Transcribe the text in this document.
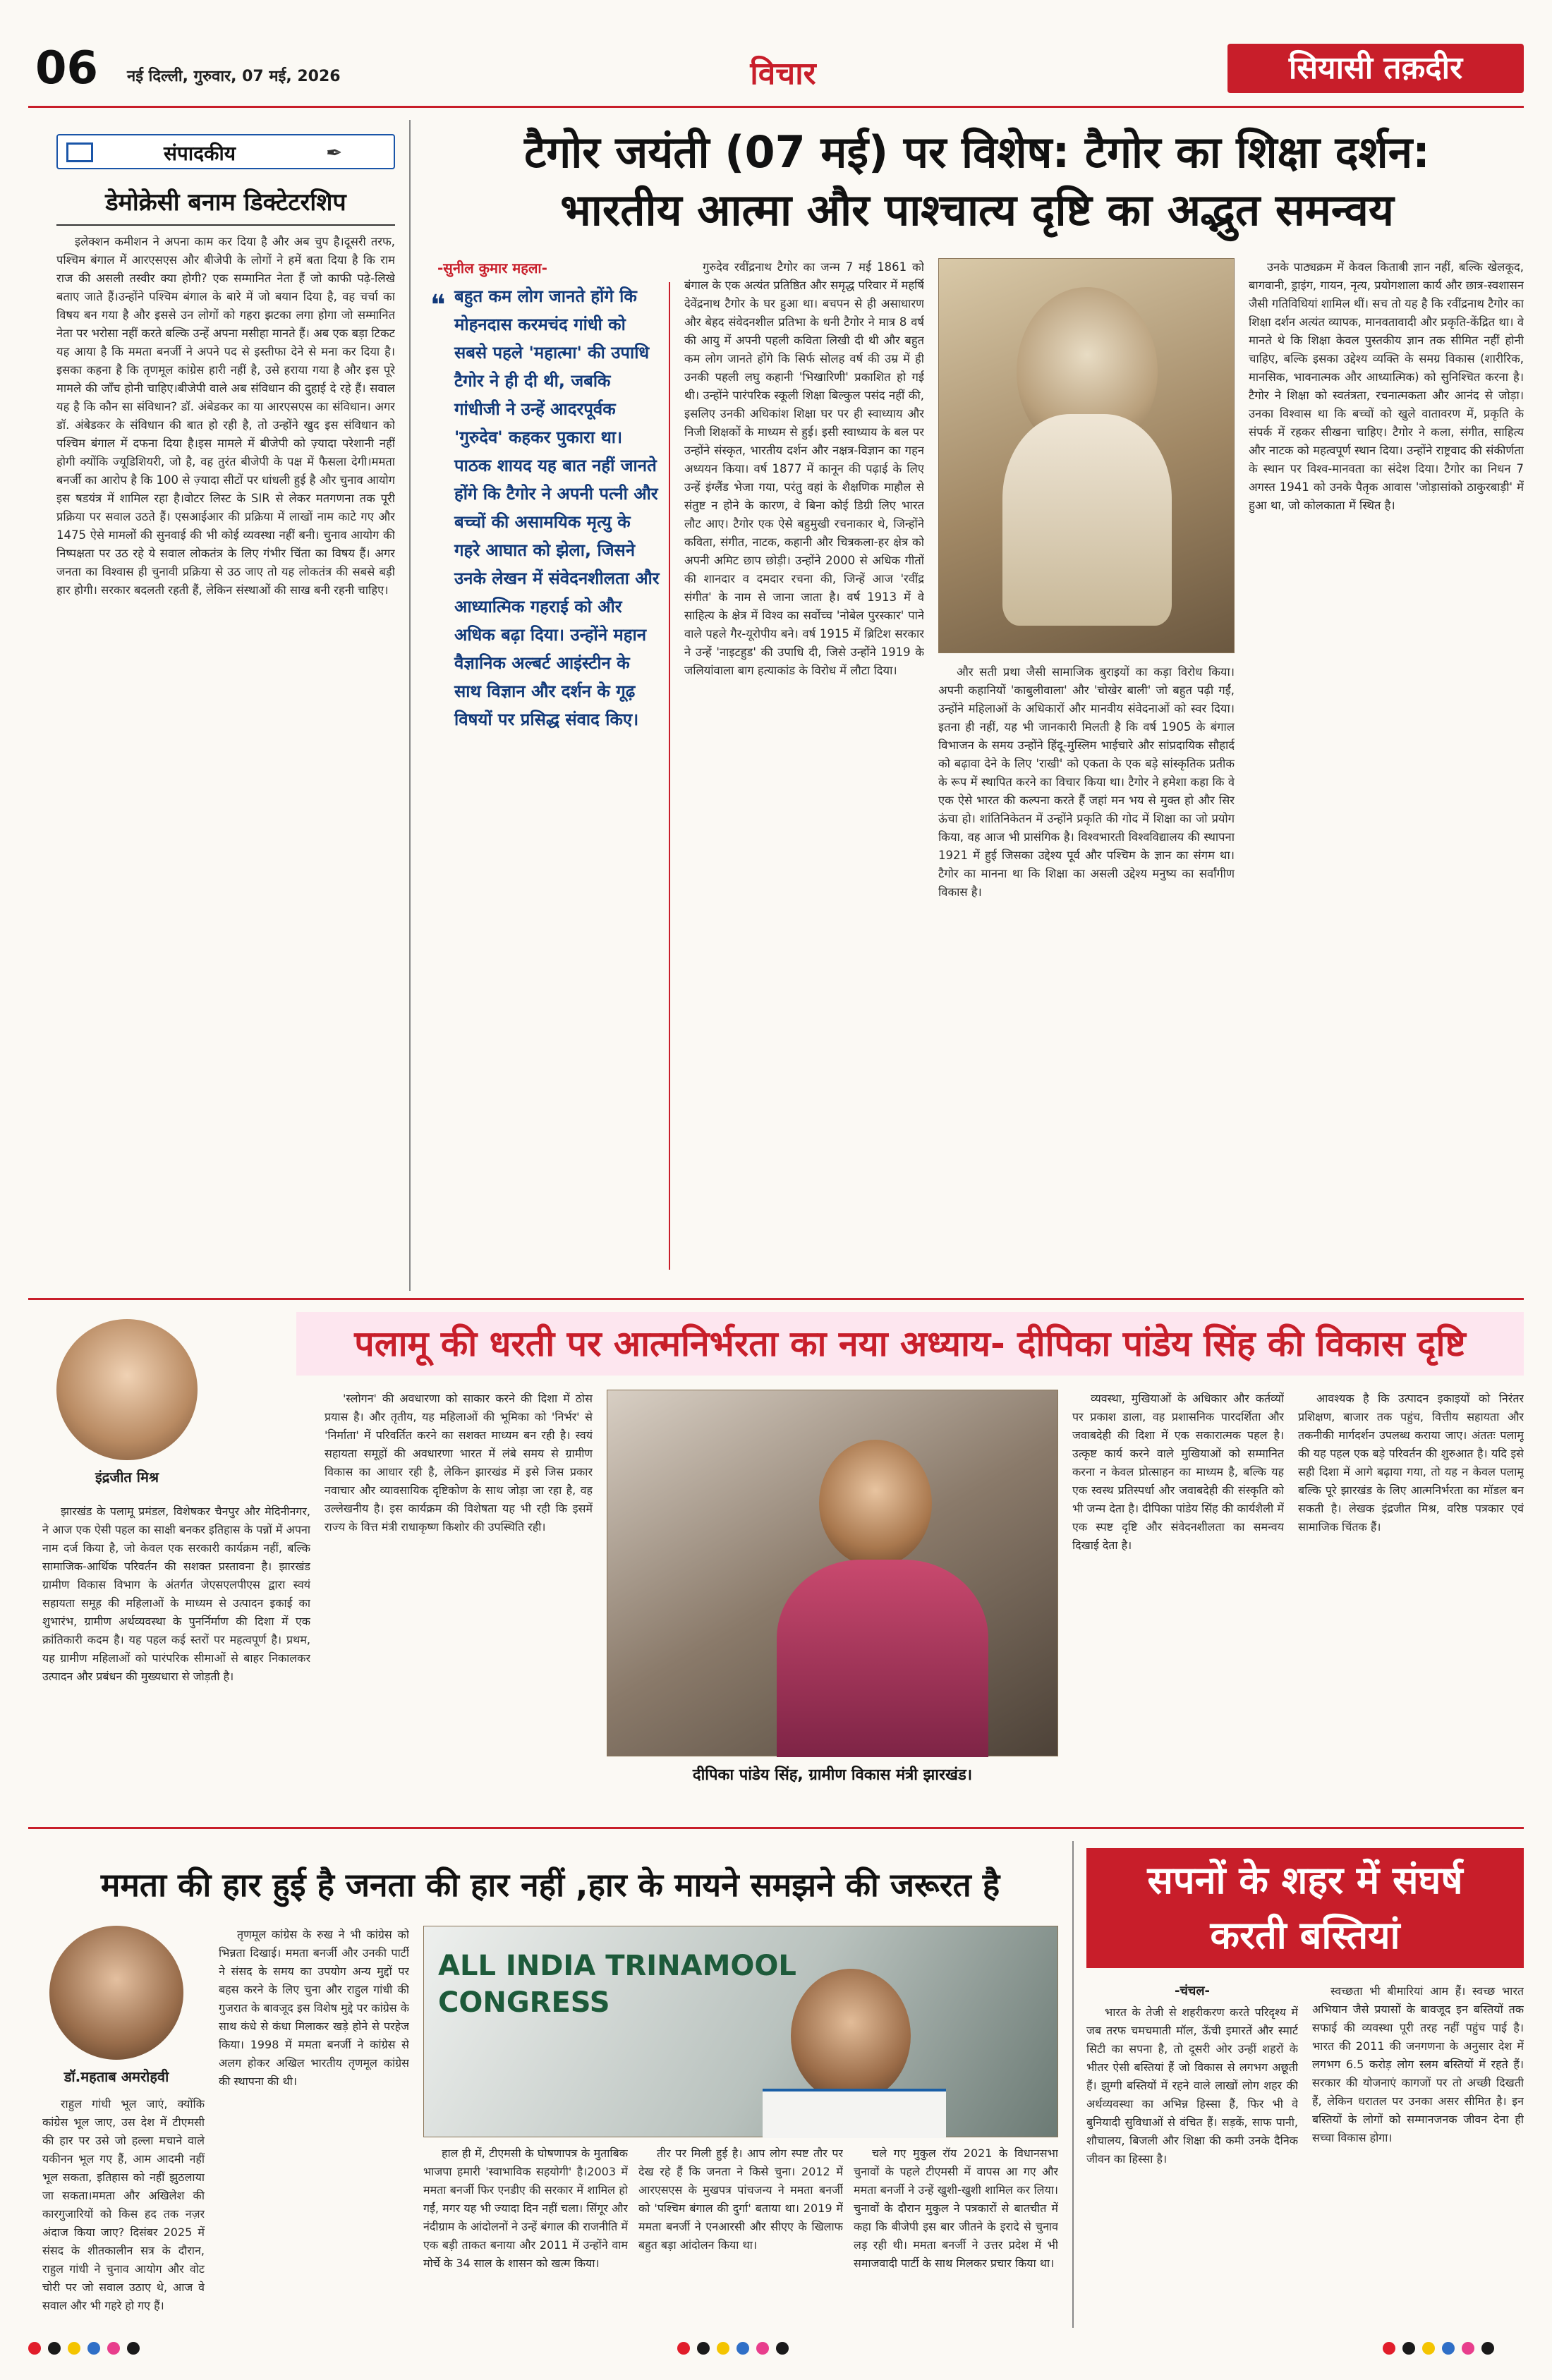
06 नई दिल्ली, गुरुवार, 07 मई, 2026	विचार	सियासी तक़दीर
संपादकीय	✒
डेमोक्रेसी बनाम डिक्टेटरशिप

इलेक्शन कमीशन ने अपना काम कर दिया है और अब चुप है।दूसरी तरफ, पश्चिम बंगाल में आरएसएस और बीजेपी के लोगों ने हमें बता दिया है कि राम राज की असली तस्वीर क्या होगी? एक सम्मानित नेता हैं जो काफी पढ़े-लिखे बताए जाते हैं।उन्होंने पश्चिम बंगाल के बारे में जो बयान दिया है, वह चर्चा का विषय बन गया है और इससे उन लोगों को गहरा झटका लगा होगा जो सम्मानित नेता पर भरोसा नहीं करते बल्कि उन्हें अपना मसीहा मानते हैं। अब एक बड़ा टिकट यह आया है कि ममता बनर्जी ने अपने पद से इस्तीफा देने से मना कर दिया है।इसका कहना है कि तृणमूल कांग्रेस हारी नहीं है, उसे हराया गया है और इस पूरे मामले की जाँच होनी चाहिए।बीजेपी वाले अब संविधान की दुहाई दे रहे हैं। सवाल यह है कि कौन सा संविधान? डॉ. अंबेडकर का या आरएसएस का संविधान। अगर डॉ. अंबेडकर के संविधान की बात हो रही है, तो उन्होंने खुद इस संविधान को पश्चिम बंगाल में दफना दिया है।इस मामले में बीजेपी को ज़्यादा परेशानी नहीं होगी क्योंकि ज्यूडिशियरी, जो है, वह तुरंत बीजेपी के पक्ष में फैसला देगी।ममता बनर्जी का आरोप है कि 100 से ज़्यादा सीटों पर धांधली हुई है और चुनाव आयोग इस षडयंत्र में शामिल रहा है।वोटर लिस्ट के SIR से लेकर मतगणना तक पूरी प्रक्रिया पर सवाल उठते हैं। एसआईआर की प्रक्रिया में लाखों नाम काटे गए और 1475 ऐसे मामलों की सुनवाई की भी कोई व्यवस्था नहीं बनी। चुनाव आयोग की निष्पक्षता पर उठ रहे ये सवाल लोकतंत्र के लिए गंभीर चिंता का विषय हैं। अगर जनता का विश्वास ही चुनावी प्रक्रिया से उठ जाए तो यह लोकतंत्र की सबसे बड़ी हार होगी। सरकार बदलती रहती हैं, लेकिन संस्थाओं की साख बनी रहनी चाहिए।

टैगोर जयंती (07 मई) पर विशेष: टैगोर का शिक्षा दर्शन:
भारतीय आत्मा और पाश्चात्य दृष्टि का अद्भुत समन्वय
-सुनील कुमार महला-
❝ बहुत कम लोग जानते होंगे कि मोहनदास करमचंद गांधी को सबसे पहले 'महात्मा' की उपाधि टैगोर ने ही दी थी, जबकि गांधीजी ने उन्हें आदरपूर्वक 'गुरुदेव' कहकर पुकारा था। पाठक शायद यह बात नहीं जानते होंगे कि टैगोर ने अपनी पत्नी और बच्चों की असामयिक मृत्यु के गहरे आघात को झेला, जिसने उनके लेखन में संवेदनशीलता और आध्यात्मिक गहराई को और अधिक बढ़ा दिया। उन्होंने महान वैज्ञानिक अल्बर्ट आइंस्टीन के साथ विज्ञान और दर्शन के गूढ़ विषयों पर प्रसिद्ध संवाद किए।

गुरुदेव रवींद्रनाथ टैगोर का जन्म 7 मई 1861 को बंगाल के एक अत्यंत प्रतिष्ठित और समृद्ध परिवार में महर्षि देवेंद्रनाथ टैगोर के घर हुआ था। बचपन से ही असाधारण और बेहद संवेदनशील प्रतिभा के धनी टैगोर ने मात्र 8 वर्ष की आयु में अपनी पहली कविता लिखी दी थी और बहुत कम लोग जानते होंगे कि सिर्फ सोलह वर्ष की उम्र में ही उनकी पहली लघु कहानी 'भिखारिणी' प्रकाशित हो गई थी। उन्होंने पारंपरिक स्कूली शिक्षा बिल्कुल पसंद नहीं की, इसलिए उनकी अधिकांश शिक्षा घर पर ही स्वाध्याय और निजी शिक्षकों के माध्यम से हुई। इसी स्वाध्याय के बल पर उन्होंने संस्कृत, भारतीय दर्शन और नक्षत्र-विज्ञान का गहन अध्ययन किया। वर्ष 1877 में कानून की पढ़ाई के लिए उन्हें इंग्लैंड भेजा गया, परंतु वहां के शैक्षणिक माहौल से संतुष्ट न होने के कारण, वे बिना कोई डिग्री लिए भारत लौट आए। टैगोर एक ऐसे बहुमुखी रचनाकार थे, जिन्होंने कविता, संगीत, नाटक, कहानी और चित्रकला-हर क्षेत्र को अपनी अमिट छाप छोड़ी। उन्होंने 2000 से अधिक गीतों की शानदार व दमदार रचना की, जिन्हें आज 'रवींद्र संगीत' के नाम से जाना जाता है। वर्ष 1913 में वे साहित्य के क्षेत्र में विश्व का सर्वोच्च 'नोबेल पुरस्कार' पाने वाले पहले गैर-यूरोपीय बने। वर्ष 1915 में ब्रिटिश सरकार ने उन्हें 'नाइटहुड' की उपाधि दी, जिसे उन्होंने 1919 के जलियांवाला बाग हत्याकांड के विरोध में लौटा दिया।	और सती प्रथा जैसी सामाजिक बुराइयों का कड़ा विरोध किया। अपनी कहानियों 'काबुलीवाला' और 'चोखेर बाली' जो बहुत पढ़ी गईं, उन्होंने महिलाओं के अधिकारों और मानवीय संवेदनाओं को स्वर दिया। इतना ही नहीं, यह भी जानकारी मिलती है कि वर्ष 1905 के बंगाल विभाजन के समय उन्होंने हिंदू-मुस्लिम भाईचारे और सांप्रदायिक सौहार्द को बढ़ावा देने के लिए 'राखी' को एकता के एक बड़े सांस्कृतिक प्रतीक के रूप में स्थापित करने का विचार किया था। टैगोर ने हमेशा कहा कि वे एक ऐसे भारत की कल्पना करते हैं जहां मन भय से मुक्त हो और सिर ऊंचा हो। शांतिनिकेतन में उन्होंने प्रकृति की गोद में शिक्षा का जो प्रयोग किया, वह आज भी प्रासंगिक है। विश्वभारती विश्वविद्यालय की स्थापना 1921 में हुई जिसका उद्देश्य पूर्व और पश्चिम के ज्ञान का संगम था। टैगोर का मानना था कि शिक्षा का असली उद्देश्य मनुष्य का सर्वांगीण विकास है।

उनके पाठ्यक्रम में केवल किताबी ज्ञान नहीं, बल्कि खेलकूद, बागवानी, ड्राइंग, गायन, नृत्य, प्रयोगशाला कार्य और छात्र-स्वशासन जैसी गतिविधियां शामिल थीं। सच तो यह है कि रवींद्रनाथ टैगोर का शिक्षा दर्शन अत्यंत व्यापक, मानवतावादी और प्रकृति-केंद्रित था। वे मानते थे कि शिक्षा केवल पुस्तकीय ज्ञान तक सीमित नहीं होनी चाहिए, बल्कि इसका उद्देश्य व्यक्ति के समग्र विकास (शारीरिक, मानसिक, भावनात्मक और आध्यात्मिक) को सुनिश्चित करना है। टैगोर ने शिक्षा को स्वतंत्रता, रचनात्मकता और आनंद से जोड़ा। उनका विश्वास था कि बच्चों को खुले वातावरण में, प्रकृति के संपर्क में रहकर सीखना चाहिए। टैगोर ने कला, संगीत, साहित्य और नाटक को महत्वपूर्ण स्थान दिया। उन्होंने राष्ट्रवाद की संकीर्णता के स्थान पर विश्व-मानवता का संदेश दिया। टैगोर का निधन 7 अगस्त 1941 को उनके पैतृक आवास 'जोड़ासांको ठाकुरबाड़ी' में हुआ था, जो कोलकाता में स्थित है।

इंद्रजीत मिश्र
पलामू की धरती पर आत्मनिर्भरता का नया अध्याय- दीपिका पांडेय सिंह की विकास दृष्टि

झारखंड के पलामू प्रमंडल, विशेषकर चैनपुर और मेदिनीनगर, ने आज एक ऐसी पहल का साक्षी बनकर इतिहास के पन्नों में अपना नाम दर्ज किया है, जो केवल एक सरकारी कार्यक्रम नहीं, बल्कि सामाजिक-आर्थिक परिवर्तन की सशक्त प्रस्तावना है। झारखंड ग्रामीण विकास विभाग के अंतर्गत जेएसएलपीएस द्वारा स्वयं सहायता समूह की महिलाओं के माध्यम से उत्पादन इकाई का शुभारंभ, ग्रामीण अर्थव्यवस्था के पुनर्निर्माण की दिशा में एक क्रांतिकारी कदम है। यह पहल कई स्तरों पर महत्वपूर्ण है। प्रथम, यह ग्रामीण महिलाओं को पारंपरिक सीमाओं से बाहर निकालकर उत्पादन और प्रबंधन की मुख्यधारा से जोड़ती है।

'स्लोगन' की अवधारणा को साकार करने की दिशा में ठोस प्रयास है। और तृतीय, यह महिलाओं की भूमिका को 'निर्भर' से 'निर्माता' में परिवर्तित करने का सशक्त माध्यम बन रही है। स्वयं सहायता समूहों की अवधारणा भारत में लंबे समय से ग्रामीण विकास का आधार रही है, लेकिन झारखंड में इसे जिस प्रकार नवाचार और व्यावसायिक दृष्टिकोण के साथ जोड़ा जा रहा है, वह उल्लेखनीय है। इस कार्यक्रम की विशेषता यह भी रही कि इसमें राज्य के वित्त मंत्री राधाकृष्ण किशोर की उपस्थिति रही।

दीपिका पांडेय सिंह, ग्रामीण विकास मंत्री झारखंड।

व्यवस्था, मुखियाओं के अधिकार और कर्तव्यों पर प्रकाश डाला, वह प्रशासनिक पारदर्शिता और जवाबदेही की दिशा में एक सकारात्मक पहल है। उत्कृष्ट कार्य करने वाले मुखियाओं को सम्मानित करना न केवल प्रोत्साहन का माध्यम है, बल्कि यह एक स्वस्थ प्रतिस्पर्धा और जवाबदेही की संस्कृति को भी जन्म देता है। दीपिका पांडेय सिंह की कार्यशैली में एक स्पष्ट दृष्टि और संवेदनशीलता का समन्वय दिखाई देता है।

आवश्यक है कि उत्पादन इकाइयों को निरंतर प्रशिक्षण, बाजार तक पहुंच, वित्तीय सहायता और तकनीकी मार्गदर्शन उपलब्ध कराया जाए। अंततः पलामू की यह पहल एक बड़े परिवर्तन की शुरुआत है। यदि इसे सही दिशा में आगे बढ़ाया गया, तो यह न केवल पलामू बल्कि पूरे झारखंड के लिए आत्मनिर्भरता का मॉडल बन सकती है। लेखक इंद्रजीत मिश्र, वरिष्ठ पत्रकार एवं सामाजिक चिंतक हैं।

ममता की हार हुई है जनता की हार नहीं ,हार के मायने समझने की जरूरत है
डॉ.महताब अमरोहवी

राहुल गांधी भूल जाएं, क्योंकि कांग्रेस भूल जाए, उस देश में टीएमसी की हार पर उसे जो हल्ला मचाने वाले यकीनन भूल गए हैं, आम आदमी नहीं भूल सकता, इतिहास को नहीं झुठलाया जा सकता।ममता और अखिलेश की कारगुजारियों को किस हद तक नज़र अंदाज किया जाए? दिसंबर 2025 में संसद के शीतकालीन सत्र के दौरान, राहुल गांधी ने चुनाव आयोग और वोट चोरी पर जो सवाल उठाए थे, आज वे सवाल और भी गहरे हो गए हैं।

तृणमूल कांग्रेस के रुख ने भी कांग्रेस को भिन्नता दिखाई। ममता बनर्जी और उनकी पार्टी ने संसद के समय का उपयोग अन्य मुद्दों पर बहस करने के लिए चुना और राहुल गांधी की गुजरात के बावजूद इस विशेष मुद्दे पर कांग्रेस के साथ कंधे से कंधा मिलाकर खड़े होने से परहेज किया। 1998 में ममता बनर्जी ने कांग्रेस से अलग होकर अखिल भारतीय तृणमूल कांग्रेस की स्थापना की थी।

ALL INDIA TRINAMOOL CONGRESS

हाल ही में, टीएमसी के घोषणापत्र के मुताबिक भाजपा हमारी 'स्वाभाविक सहयोगी' है।2003 में ममता बनर्जी फिर एनडीए की सरकार में शामिल हो गईं, मगर यह भी ज्यादा दिन नहीं चला। सिंगूर और नंदीग्राम के आंदोलनों ने उन्हें बंगाल की राजनीति में एक बड़ी ताकत बनाया और 2011 में उन्होंने वाम मोर्चे के 34 साल के शासन को खत्म किया।

तीर पर मिली हुई है। आप लोग स्पष्ट तौर पर देख रहे हैं कि जनता ने किसे चुना। 2012 में आरएसएस के मुखपत्र पांचजन्य ने ममता बनर्जी को 'पश्चिम बंगाल की दुर्गा' बताया था। 2019 में ममता बनर्जी ने एनआरसी और सीएए के खिलाफ बहुत बड़ा आंदोलन किया था।

चले गए मुकुल रॉय 2021 के विधानसभा चुनावों के पहले टीएमसी में वापस आ गए और ममता बनर्जी ने उन्हें खुशी-खुशी शामिल कर लिया। चुनावों के दौरान मुकुल ने पत्रकारों से बातचीत में कहा कि बीजेपी इस बार जीतने के इरादे से चुनाव लड़ रही थी। ममता बनर्जी ने उत्तर प्रदेश में भी समाजवादी पार्टी के साथ मिलकर प्रचार किया था।

सपनों के शहर में संघर्ष
करती बस्तियां
-चंचल-

भारत के तेजी से शहरीकरण करते परिदृश्य में जब तरफ चमचमाती मॉल, ऊँची इमारतें और स्मार्ट सिटी का सपना है, तो दूसरी ओर उन्हीं शहरों के भीतर ऐसी बस्तियां हैं जो विकास से लगभग अछूती हैं। झुग्गी बस्तियों में रहने वाले लाखों लोग शहर की अर्थव्यवस्था का अभिन्न हिस्सा हैं, फिर भी वे बुनियादी सुविधाओं से वंचित हैं। सड़कें, साफ पानी, शौचालय, बिजली और शिक्षा की कमी उनके दैनिक जीवन का हिस्सा है।

स्वच्छता भी बीमारियां आम हैं। स्वच्छ भारत अभियान जैसे प्रयासों के बावजूद इन बस्तियों तक सफाई की व्यवस्था पूरी तरह नहीं पहुंच पाई है। भारत की 2011 की जनगणना के अनुसार देश में लगभग 6.5 करोड़ लोग स्लम बस्तियों में रहते हैं। सरकार की योजनाएं कागजों पर तो अच्छी दिखती हैं, लेकिन धरातल पर उनका असर सीमित है। इन बस्तियों के लोगों को सम्मानजनक जीवन देना ही सच्चा विकास होगा।
